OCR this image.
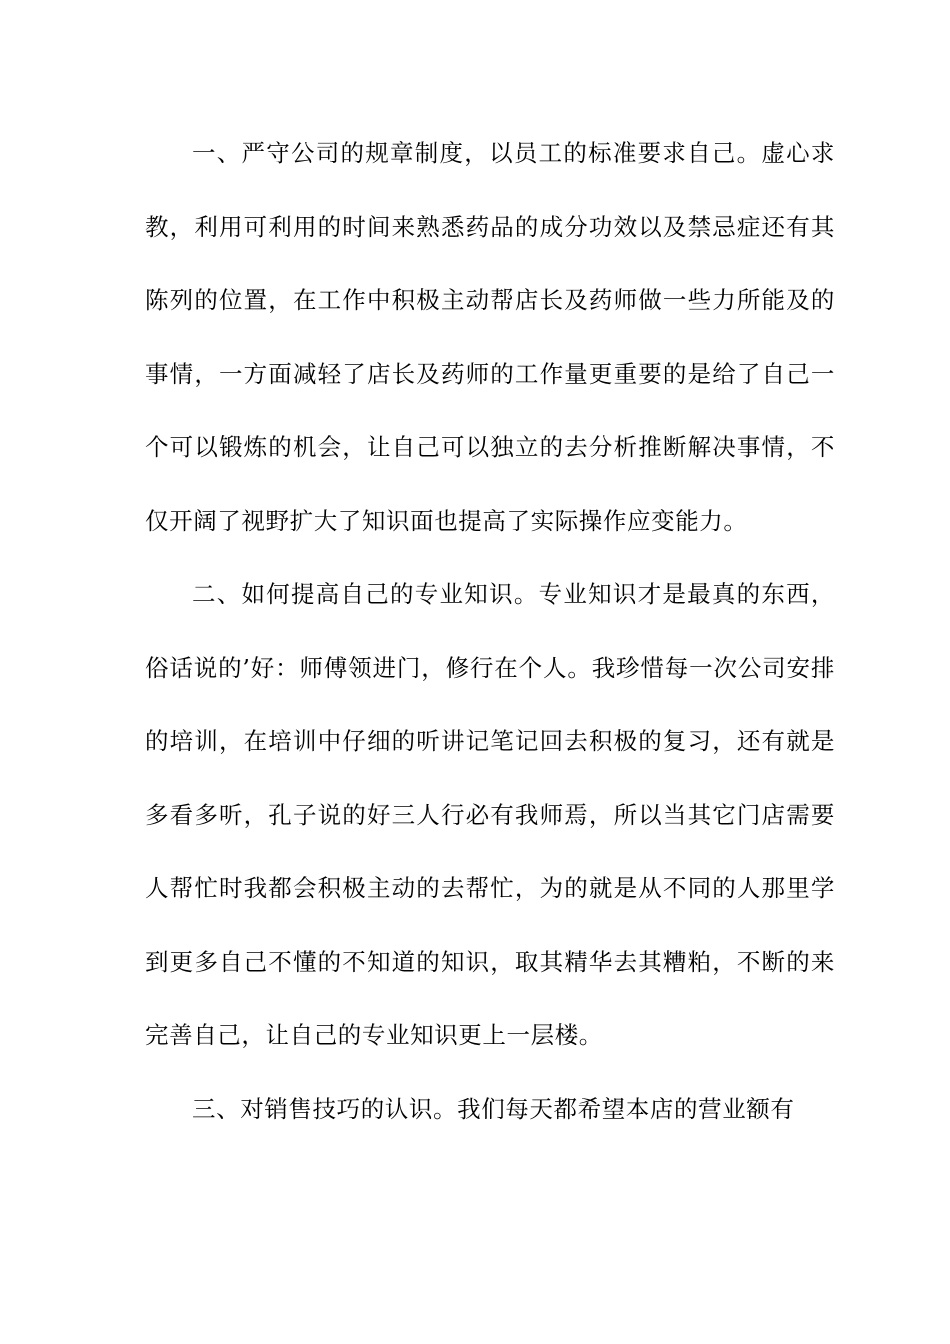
一、严守公司的规章制度，以员工的标准要求自己。虚心求教，利用可利用的时间来熟悉药品的成分功效以及禁忌症还有其陈列的位置，在工作中积极主动帮店长及药师做一些力所能及的事情，一方面减轻了店长及药师的工作量更重要的是给了自己一个可以锻炼的机会，让自己可以独立的去分析推断解决事情，不仅开阔了视野扩大了知识面也提高了实际操作应变能力。

二、如何提高自己的专业知识。专业知识才是最真的东西，俗话说的’好：师傅领进门，修行在个人。我珍惜每一次公司安排的培训，在培训中仔细的听讲记笔记回去积极的复习，还有就是多看多听，孔子说的好三人行必有我师焉，所以当其它门店需要人帮忙时我都会积极主动的去帮忙，为的就是从不同的人那里学到更多自己不懂的不知道的知识，取其精华去其糟粕，不断的来完善自己，让自己的专业知识更上一层楼。

三、对销售技巧的认识。我们每天都希望本店的营业额有
